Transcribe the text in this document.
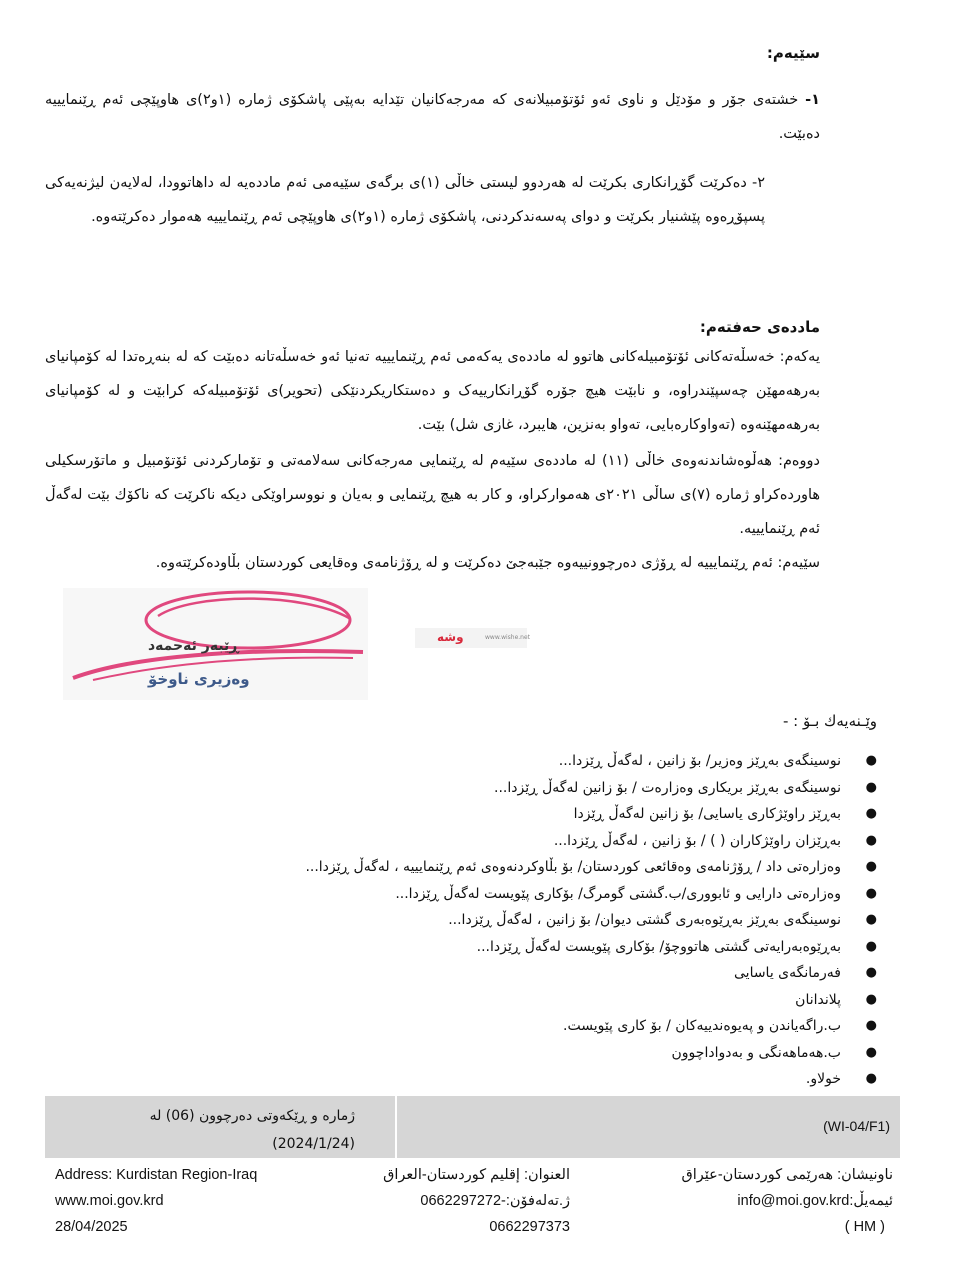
سێیەم:
١- خشتەی جۆر و مۆدێل و ناوی ئەو ئۆتۆمبیلانەی کە مەرجەکانیان تێدایە بەپێی پاشکۆی ژمارە (١و٢)ی هاوپێچی ئەم ڕێنمایییە دەبێت.
٢- دەکرێت گۆڕانکاری بکرێت لە هەردوو لیستی خاڵی (١)ی برگەی سێیەمی ئەم ماددەیە لە داهاتوودا، لەلایەن لیژنەیەکی پسپۆڕەوە پێشنیار بکرێت و دوای پەسەندکردنی، پاشکۆی ژمارە (١و٢)ی هاوپێچی ئەم ڕێنمایییە هەموار دەکرێتەوە.
ماددەی حەفتەم:
یەکەم: خەسڵەتەکانی ئۆتۆمبیلەکانی هاتوو لە ماددەی یەکەمی ئەم ڕێنمایییە تەنیا ئەو خەسڵەتانە دەبێت کە لە بنەڕەتدا لە کۆمپانیای بەرهەمهێن چەسپێندراوە، و نابێت هیچ جۆرە گۆڕانکارییەک و دەستکاریکردنێکی (تحویر)ی ئۆتۆمبیلەکە کرابێت و لە کۆمپانیای بەرهەمهێنەوە (تەواوکارەبایی، تەواو بەنزین، هایبرد، غازی شل) بێت.
دووەم: هەڵوەشاندنەوەی خاڵی (١١) لە ماددەی سێیەم لە ڕێنمایی مەرجەکانی سەلامەتی و تۆمارکردنی ئۆتۆمبیل و ماتۆرسکیلی هاوردەکراو ژمارە (٧)ی ساڵی ٢٠٢١ی هەموارکراو، و کار بە هیچ ڕێنمایی و بەیان و نووسراوێکی دیکە ناکرێت کە ناکۆك بێت لەگەڵ ئەم ڕێنمایییە.
سێیەم: ئەم ڕێنمایییە لە ڕۆژی دەرچوونییەوە جێبەجێ دەکرێت و لە ڕۆژنامەی وەقایعی کوردستان بڵاودەکرێتەوە.
ڕێبەر ئەحمەد
وەزیری ناوخۆ
وشە	www.wishe.net
وێـنەیەك بـۆ : -
●
نوسینگەی بەڕێز وەزیر/ بۆ زانین ، لەگەڵ ڕێزدا...
●
نوسینگەی بەڕێز بریکاری وەزارەت / بۆ زانین لەگەڵ ڕێزدا...
●
بەڕێز راوێژکاری یاسایی/ بۆ زانین لەگەڵ ڕێزدا
●
بەڕێزان راوێژکاران ( ) / بۆ زانین ، لەگەڵ ڕێزدا...
●
وەزارەتی داد / ڕۆژنامەی وەقائعی کوردستان/ بۆ بڵاوکردنەوەی ئەم ڕێنمایییە ، لەگەڵ ڕێزدا...
●
وەزارەتی دارایی و ئابووری/ب.گشتی گومرگ/ بۆکاری پێویست لەگەڵ ڕێزدا...
●
نوسینگەی بەڕێز بەڕێوەبەری گشتی دیوان/ بۆ زانین ، لەگەڵ ڕێزدا...
●
بەڕێوەبەرایەتی گشتی هاتووچۆ/ بۆکاری پێویست لەگەڵ ڕێزدا...
●
فەرمانگەی یاسایی
●
پلاندانان
●
ب.راگەیاندن و پەیوەندییەکان / بۆ کاری پێویست.
●
ب.هەماهەنگی و بەدواداچوون
●
خولاو.
ژمارە و ڕێکەوتی دەرچوون (06) لە
(2024/1/24)
(WI-04/F1)
Address: Kurdistan Region-Iraq
www.moi.gov.krd
28/04/2025
العنوان: إقليم كوردستان-العراق
ژ.تەلەفۆن:0662297272-0662297373
ناونیشان: هەرێمی کوردستان-عێراق
ئیمەیڵ:info@moi.gov.krd
( HM )
